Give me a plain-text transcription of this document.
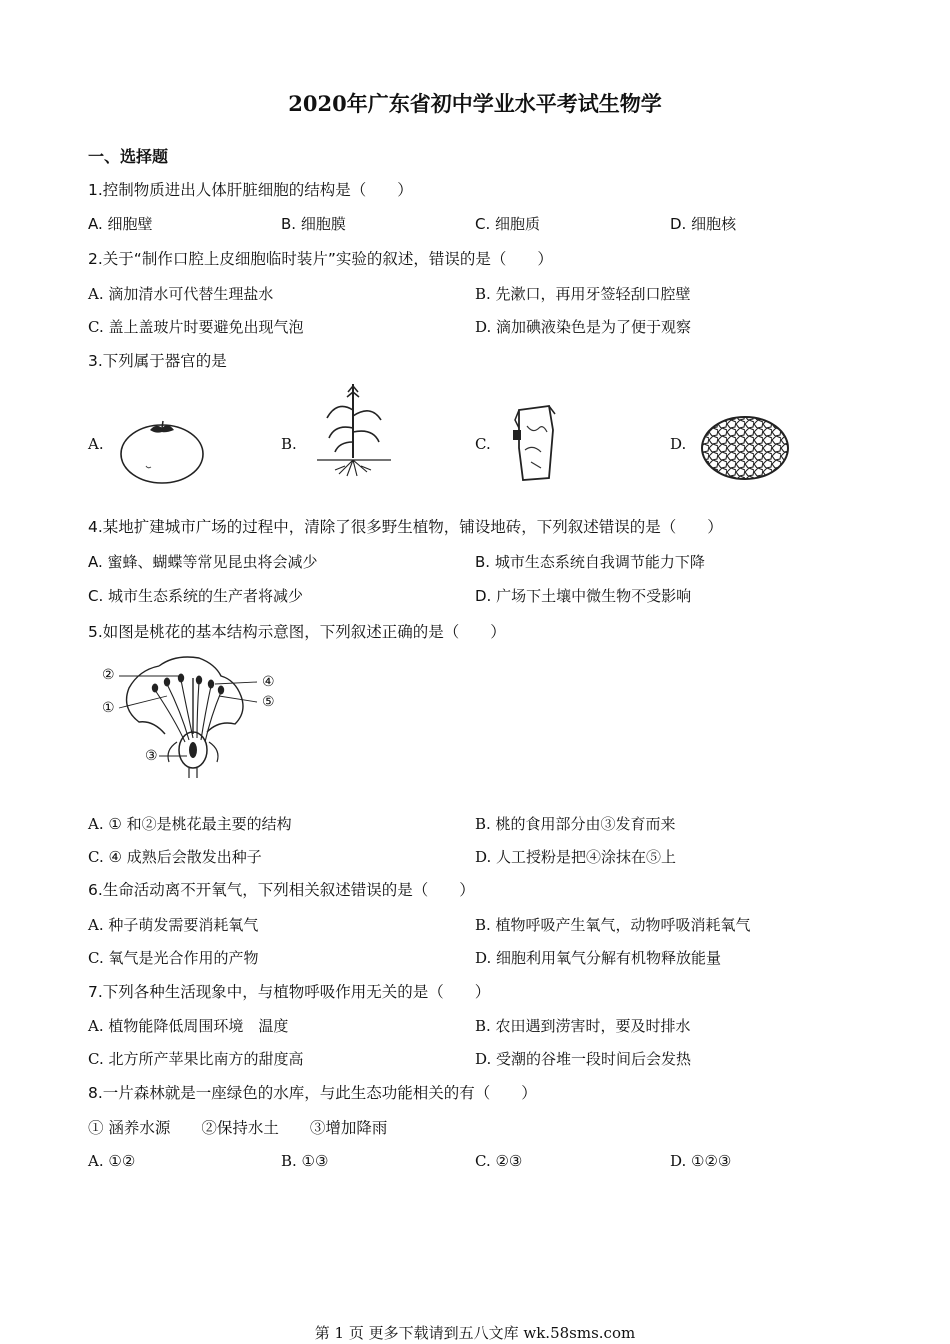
2020年广东省初中学业水平考试生物学
一、选择题
1.控制物质进出人体肝脏细胞的结构是（　　）
A. 细胞壁	B. 细胞膜	C. 细胞质	D. 细胞核
2.关于“制作口腔上皮细胞临时装片”实验的叙述，错误的是（　　）
A. 滴加清水可代替生理盐水	B. 先漱口，再用牙签轻刮口腔壁
C. 盖上盖玻片时要避免出现气泡	D. 滴加碘液染色是为了便于观察
3.下列属于器官的是
A.	B.	C.	D.
4.某地扩建城市广场的过程中，清除了很多野生植物，铺设地砖，下列叙述错误的是（　　）
A. 蜜蜂、蝴蝶等常见昆虫将会减少	B. 城市生态系统自我调节能力下降
C. 城市生态系统的生产者将减少	D. 广场下土壤中微生物不受影响
5.如图是桃花的基本结构示意图，下列叙述正确的是（　　）
②
①
③
④
⑤
A. ① 和②是桃花最主要的结构	B. 桃的食用部分由③发育而来
C. ④ 成熟后会散发出种子	D. 人工授粉是把④涂抹在⑤上
6.生命活动离不开氧气，下列相关叙述错误的是（　　）
A. 种子萌发需要消耗氧气	B. 植物呼吸产生氧气，动物呼吸消耗氧气
C. 氧气是光合作用的产物	D. 细胞利用氧气分解有机物释放能量
7.下列各种生活现象中，与植物呼吸作用无关的是（　　）
A. 植物能降低周围环境　温度	B. 农田遇到涝害时，要及时排水
C. 北方所产苹果比南方的甜度高	D. 受潮的谷堆一段时间后会发热
8.一片森林就是一座绿色的水库，与此生态功能相关的有（　　）
① 涵养水源　　②保持水土　　③增加降雨
A. ①②	B. ①③	C. ②③	D. ①②③
第 1 页 更多下载请到五八文库 wk.58sms.com
